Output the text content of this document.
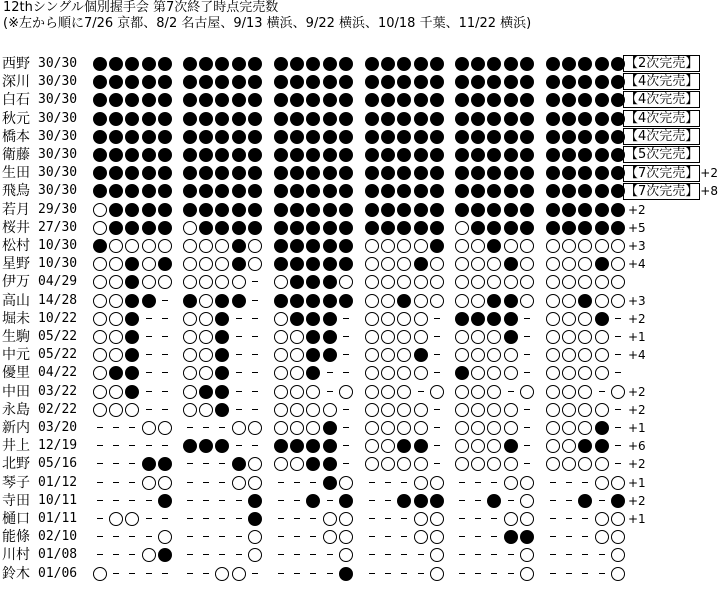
12thシングル個別握手会 第7次終了時点完売数
(※左から順に7/26 京都、8/2 名古屋、9/13 横浜、9/22 横浜、10/18 千葉、11/22 横浜)
西野 30/30	【2次完売】
深川 30/30	【4次完売】
白石 30/30	【4次完売】
秋元 30/30	【4次完売】
橋本 30/30	【4次完売】
衛藤 30/30	【5次完売】
生田 30/30	【7次完売】 +2
飛鳥 30/30	【7次完売】 +8
若月 29/30	+2
桜井 27/30	+5
松村 10/30	+3
星野 10/30	+4
伊万 04/29
高山 14/28	+3
堀未 10/22	+2
生駒 05/22	+1
中元 05/22	+4
優里 04/22
中田 03/22	+2
永島 02/22	+2
新内 03/20	+1
井上 12/19	+6
北野 05/16	+2
琴子 01/12	+1
寺田 10/11	+2
樋口 01/11	+1
能條 02/10
川村 01/08
鈴木 01/06
